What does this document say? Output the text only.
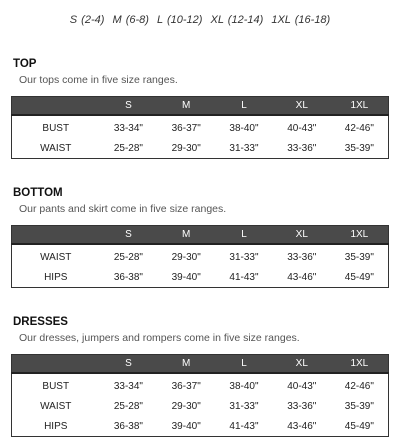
S (2-4) M (6-8) L (10-12) XL (12-14) 1XL (16-18)
TOP
Our tops come in five size ranges.
	S	M	L	XL	1XL
BUST	33-34"	36-37"	38-40"	40-43"	42-46"
WAIST	25-28"	29-30"	31-33"	33-36"	35-39"
BOTTOM
Our pants and skirt come in five size ranges.
	S	M	L	XL	1XL
WAIST	25-28"	29-30"	31-33"	33-36"	35-39"
HIPS	36-38"	39-40"	41-43"	43-46"	45-49"
DRESSES
Our dresses, jumpers and rompers come in five size ranges.
	S	M	L	XL	1XL
BUST	33-34"	36-37"	38-40"	40-43"	42-46"
WAIST	25-28"	29-30"	31-33"	33-36"	35-39"
HIPS	36-38"	39-40"	41-43"	43-46"	45-49"
